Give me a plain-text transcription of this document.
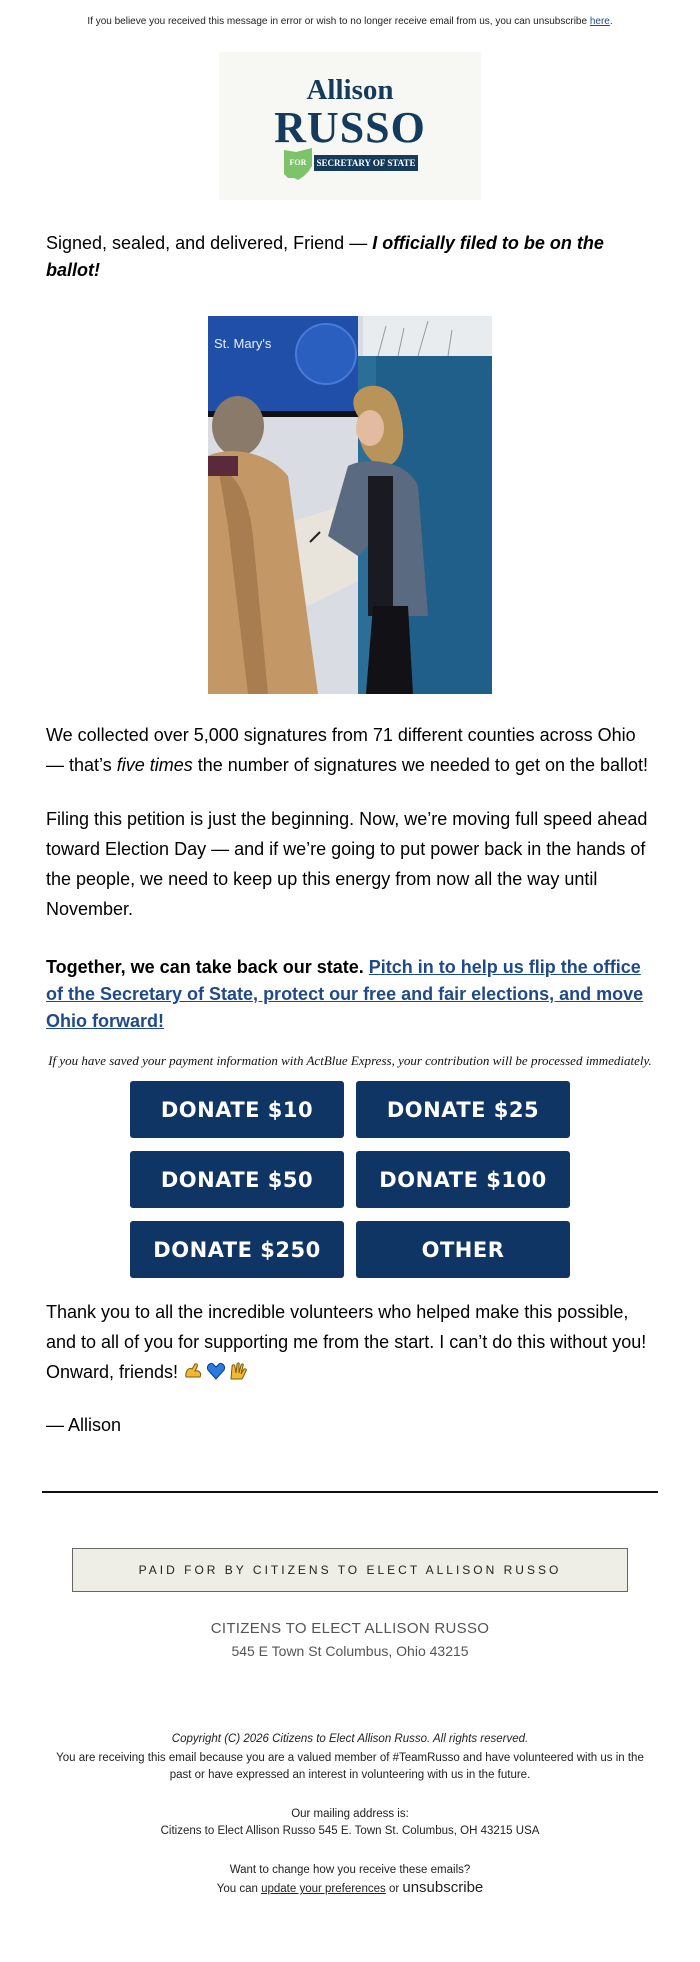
If you believe you received this message in error or wish to no longer receive email from us, you can unsubscribe here.
Allison
RUSSO
FOR	SECRETARY OF STATE
Signed, sealed, and delivered, Friend — I officially filed to be on the ballot!
St. Mary's
We collected over 5,000 signatures from 71 different counties across Ohio — that’s five times the number of signatures we needed to get on the ballot!
Filing this petition is just the beginning. Now, we’re moving full speed ahead toward Election Day — and if we’re going to put power back in the hands of the people, we need to keep up this energy from now all the way until November.
Together, we can take back our state. Pitch in to help us flip the office of the Secretary of State, protect our free and fair elections, and move Ohio forward!
If you have saved your payment information with ActBlue Express, your contribution will be processed immediately.
DONATE $10	DONATE $25
DONATE $50	DONATE $100
DONATE $250	OTHER
Thank you to all the incredible volunteers who helped make this possible, and to all of you for supporting me from the start. I can’t do this without you! Onward, friends!
— Allison
PAID FOR BY CITIZENS TO ELECT ALLISON RUSSO
CITIZENS TO ELECT ALLISON RUSSO
545 E Town St Columbus, Ohio 43215
Copyright (C) 2026 Citizens to Elect Allison Russo. All rights reserved.
You are receiving this email because you are a valued member of #TeamRusso and have volunteered with us in the past or have expressed an interest in volunteering with us in the future.
Our mailing address is:
Citizens to Elect Allison Russo 545 E. Town St. Columbus, OH 43215 USA
Want to change how you receive these emails?
You can update your preferences or unsubscribe
